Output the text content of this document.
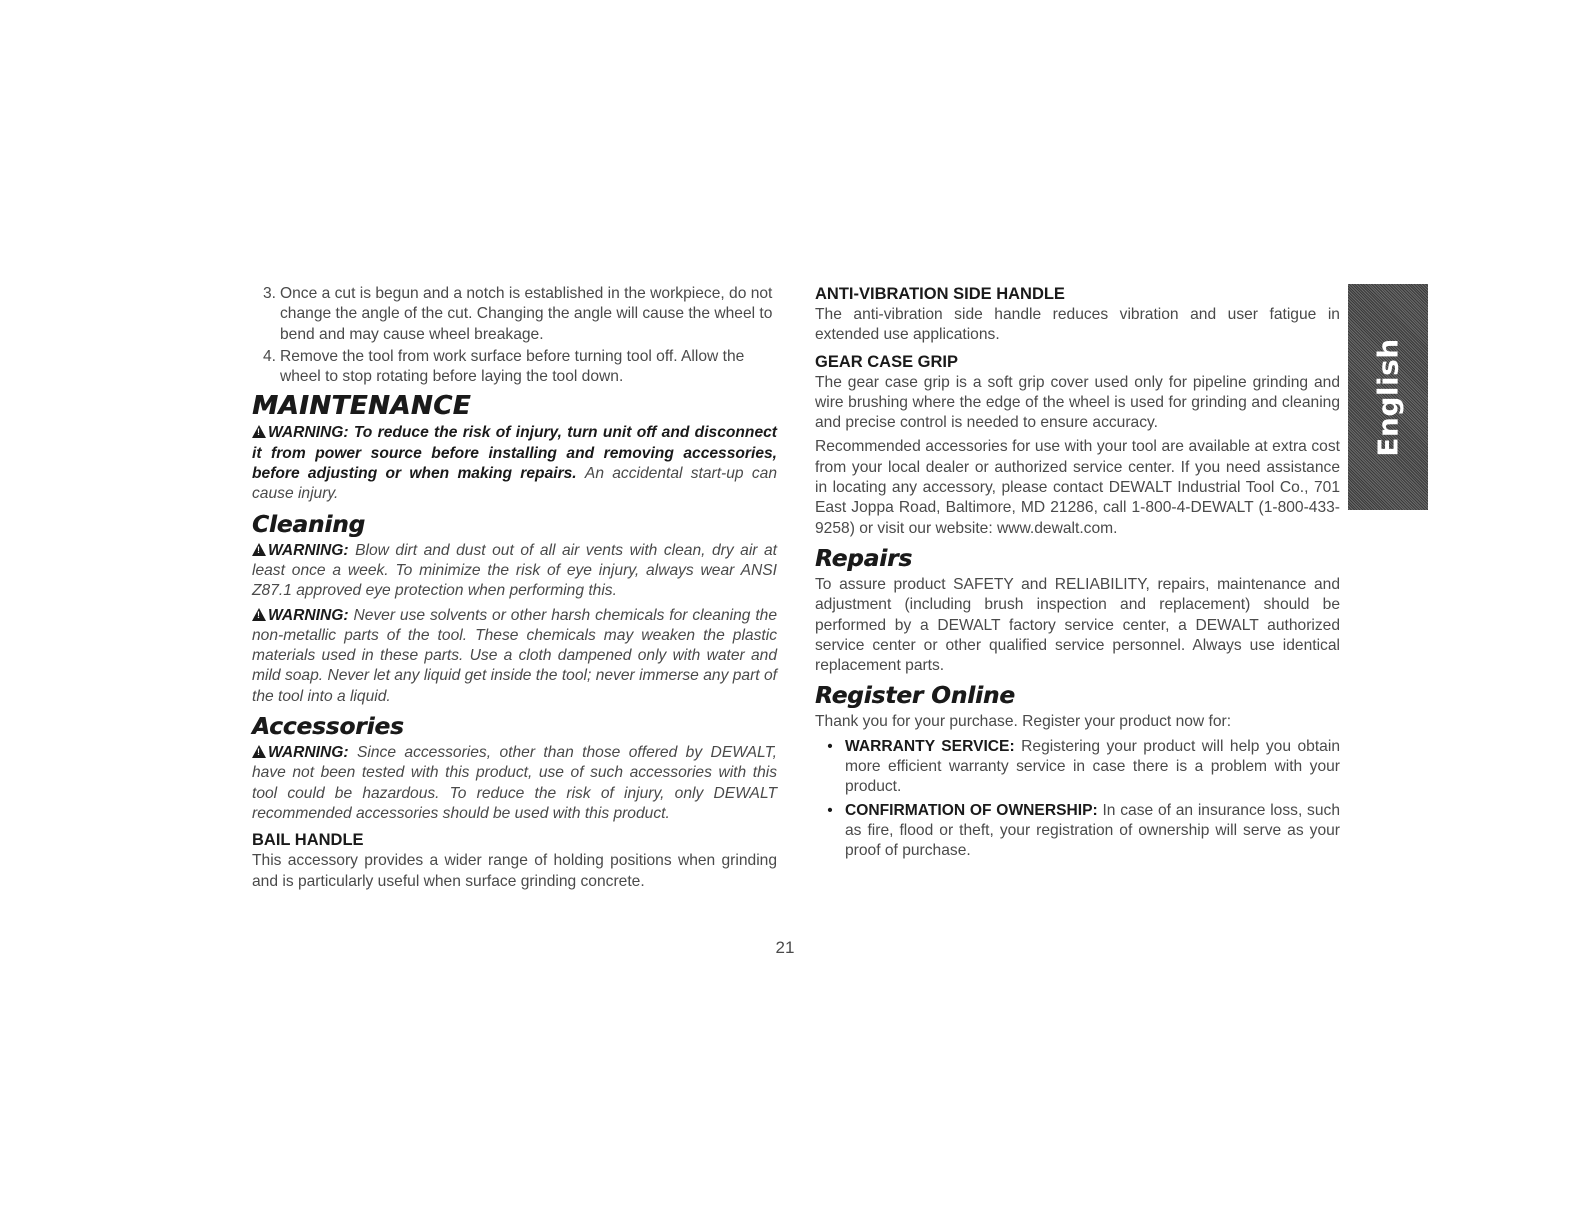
3. Once a cut is begun and a notch is established in the workpiece, do not change the angle of the cut. Changing the angle will cause the wheel to bend and may cause wheel breakage.
4. Remove the tool from work surface before turning tool off. Allow the wheel to stop rotating before laying the tool down.
MAINTENANCE

!WARNING: To reduce the risk of injury, turn unit off and disconnect it from power source before installing and removing accessories, before adjusting or when making repairs. An accidental start-up can cause injury.

Cleaning

!WARNING: Blow dirt and dust out of all air vents with clean, dry air at least once a week. To minimize the risk of eye injury, always wear ANSI Z87.1 approved eye protection when performing this.

!WARNING: Never use solvents or other harsh chemicals for cleaning the non-metallic parts of the tool. These chemicals may weaken the plastic materials used in these parts. Use a cloth dampened only with water and mild soap. Never let any liquid get inside the tool; never immerse any part of the tool into a liquid.

Accessories

!WARNING: Since accessories, other than those offered by DEWALT, have not been tested with this product, use of such accessories with this tool could be hazardous. To reduce the risk of injury, only DEWALT recommended accessories should be used with this product.

BAIL HANDLE

This accessory provides a wider range of holding positions when grinding and is particularly useful when surface grinding concrete.

ANTI-VIBRATION SIDE HANDLE

The anti-vibration side handle reduces vibration and user fatigue in extended use applications.

GEAR CASE GRIP

The gear case grip is a soft grip cover used only for pipeline grinding and wire brushing where the edge of the wheel is used for grinding and cleaning and precise control is needed to ensure accuracy.

Recommended accessories for use with your tool are available at extra cost from your local dealer or authorized service center. If you need assistance in locating any accessory, please contact DEWALT Industrial Tool Co., 701 East Joppa Road, Baltimore, MD 21286, call 1-800-4-DEWALT (1-800-433-9258) or visit our website: www.dewalt.com.

Repairs

To assure product SAFETY and RELIABILITY, repairs, maintenance and adjustment (including brush inspection and replacement) should be performed by a DEWALT factory service center, a DEWALT authorized service center or other qualified service personnel. Always use identical replacement parts.

Register Online

Thank you for your purchase. Register your product now for:

• WARRANTY SERVICE: Registering your product will help you obtain more efficient warranty service in case there is a problem with your product.
• CONFIRMATION OF OWNERSHIP: In case of an insurance loss, such as fire, flood or theft, your registration of ownership will serve as your proof of purchase.
English
21
